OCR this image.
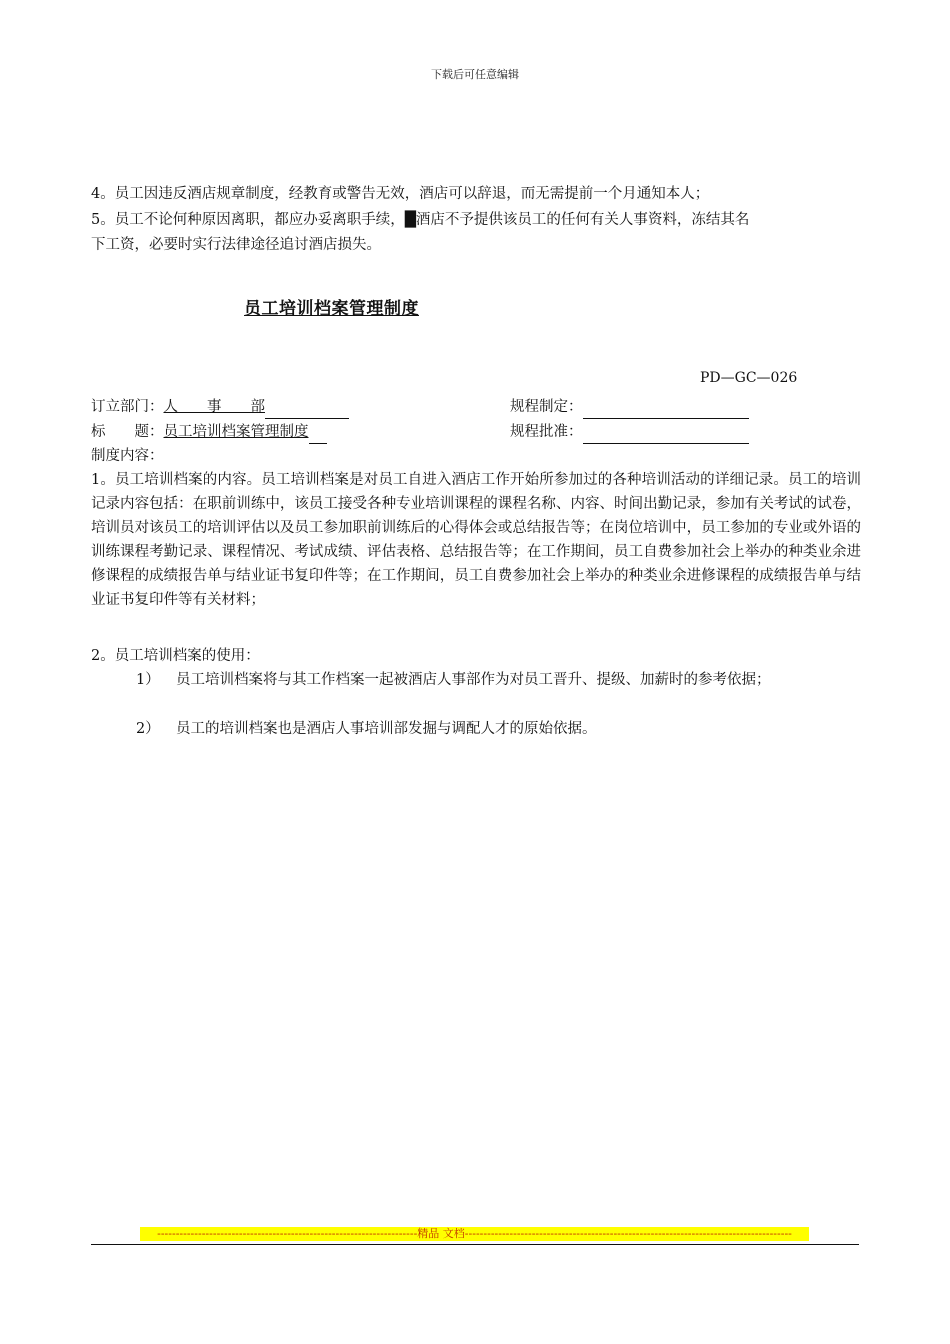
下载后可任意编辑
4。员工因违反酒店规章制度，经教育或警告无效，酒店可以辞退，而无需提前一个月通知本人；
5。员工不论何种原因离职，都应办妥离职手续，█酒店不予提供该员工的任何有关人事资料，冻结其名
下工资，必要时实行法律途径追讨酒店损失。
员工培训档案管理制度
PD—GC—026
订立部门：人　　事　　部	规程制定：
标　　题：员工培训档案管理制度	规程批准：
制度内容：
1。员工培训档案的内容。员工培训档案是对员工自进入酒店工作开始所参加过的各种培训活动的详细记录。员工的培训记录内容包括：在职前训练中，该员工接受各种专业培训课程的课程名称、内容、时间出勤记录，参加有关考试的试卷，培训员对该员工的培训评估以及员工参加职前训练后的心得体会或总结报告等；在岗位培训中，员工参加的专业或外语的训练课程考勤记录、课程情况、考试成绩、评估表格、总结报告等；在工作期间，员工自费参加社会上举办的种类业余进修课程的成绩报告单与结业证书复印件等；在工作期间，员工自费参加社会上举办的种类业余进修课程的成绩报告单与结业证书复印件等有关材料；
2。员工培训档案的使用：
1） 员工培训档案将与其工作档案一起被酒店人事部作为对员工晋升、提级、加薪时的参考依据；
2） 员工的培训档案也是酒店人事培训部发掘与调配人才的原始依据。
----------------------------------------------------------------------精品 文档----------------------------------------------------------------------------------------
